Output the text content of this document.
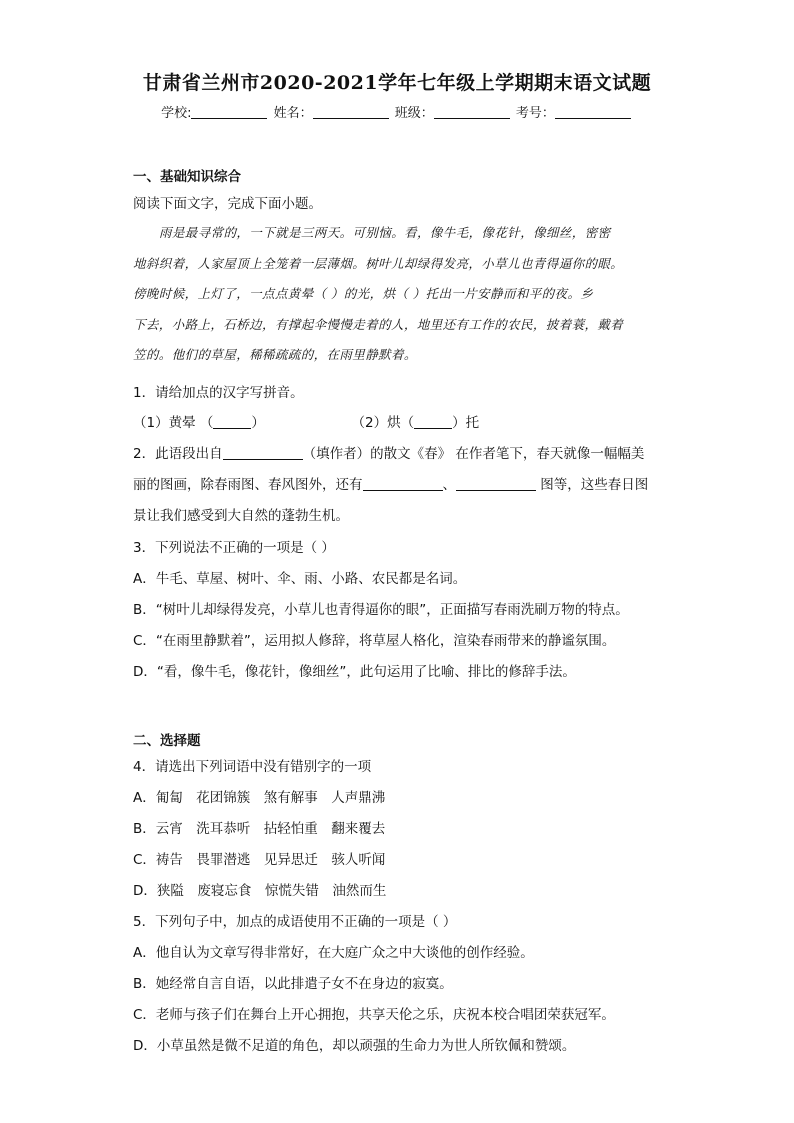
甘肃省兰州市2020-2021学年七年级上学期期末语文试题
学校:	姓名：	班级：	考号：
一、基础知识综合
阅读下面文字，完成下面小题。

雨是最寻常的，一下就是三两天。可别恼。看，像牛毛，像花针，像细丝，密密

地斜织着，人家屋顶上全笼着一层薄烟。树叶儿却绿得发亮，小草儿也青得逼你的眼。

傍晚时候，上灯了，一点点黄晕（ ）的光，烘（ ）托出一片安静而和平的夜。乡

下去，小路上，石桥边，有撑起伞慢慢走着的人，地里还有工作的农民，披着蓑，戴着

笠的。他们的草屋，稀稀疏疏的，在雨里静默着。

1．请给加点的汉字写拼音。
（1）黄晕 （	）	（2）烘（	）托
2．此语段出自	（填作者）的散文《春》 在作者笔下，春天就像一幅幅美
丽的图画，除春雨图、春风图外，还有	、	图等，这些春日图
景让我们感受到大自然的蓬勃生机。
3．下列说法不正确的一项是（ ）
A．牛毛、草屋、树叶、伞、雨、小路、农民都是名词。
B．“树叶儿却绿得发亮，小草儿也青得逼你的眼”，正面描写春雨洗刷万物的特点。
C．“在雨里静默着”，运用拟人修辞，将草屋人格化，渲染春雨带来的静谧氛围。
D．“看，像牛毛，像花针，像细丝”，此句运用了比喻、排比的修辞手法。
二、选择题
4．请选出下列词语中没有错别字的一项
A．匍匐　花团锦簇　煞有解事　人声鼎沸
B．云宵　洗耳恭听　拈轻怕重　翻来覆去
C．祷告　畏罪潜逃　见异思迁　骇人听闻
D．狭隘　废寝忘食　惊慌失错　油然而生
5．下列句子中，加点的成语使用不正确的一项是（ ）
A．他自认为文章写得非常好，在大庭广众之中大谈他的创作经验。
B．她经常自言自语，以此排遣子女不在身边的寂寞。
C．老师与孩子们在舞台上开心拥抱，共享天伦之乐，庆祝本校合唱团荣获冠军。
D．小草虽然是微不足道的角色，却以顽强的生命力为世人所钦佩和赞颂。
